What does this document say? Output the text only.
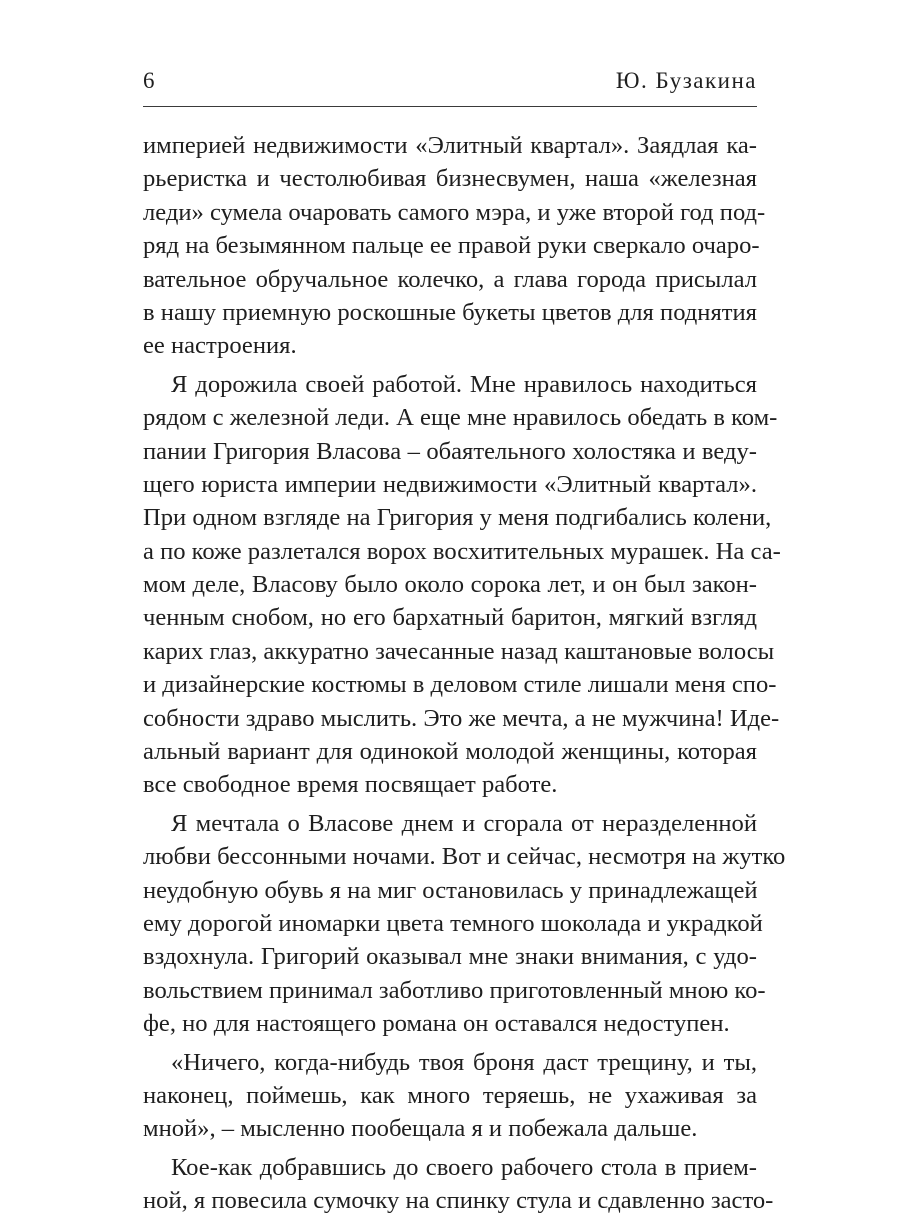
6	Ю. Бузакина
империей недвижимости «Элитный квартал». Заядлая ка-
рьеристка и честолюбивая бизнесвумен, наша «железная
леди» сумела очаровать самого мэра, и уже второй год под-
ряд на безымянном пальце ее правой руки сверкало очаро-
вательное обручальное колечко, а глава города присылал
в нашу приемную роскошные букеты цветов для поднятия
ее настроения.
Я дорожила своей работой. Мне нравилось находиться
рядом с железной леди. А еще мне нравилось обедать в ком-
пании Григория Власова – обаятельного холостяка и веду-
щего юриста империи недвижимости «Элитный квартал».
При одном взгляде на Григория у меня подгибались колени,
а по коже разлетался ворох восхитительных мурашек. На са-
мом деле, Власову было около сорока лет, и он был закон-
ченным снобом, но его бархатный баритон, мягкий взгляд
карих глаз, аккуратно зачесанные назад каштановые волосы
и дизайнерские костюмы в деловом стиле лишали меня спо-
собности здраво мыслить. Это же мечта, а не мужчина! Иде-
альный вариант для одинокой молодой женщины, которая
все свободное время посвящает работе.
Я мечтала о Власове днем и сгорала от неразделенной
любви бессонными ночами. Вот и сейчас, несмотря на жутко
неудобную обувь я на миг остановилась у принадлежащей
ему дорогой иномарки цвета темного шоколада и украдкой
вздохнула. Григорий оказывал мне знаки внимания, с удо-
вольствием принимал заботливо приготовленный мною ко-
фе, но для настоящего романа он оставался недоступен.
«Ничего, когда-нибудь твоя броня даст трещину, и ты,
наконец, поймешь, как много теряешь, не ухаживая за
мной», – мысленно пообещала я и побежала дальше.
Кое-как добравшись до своего рабочего стола в прием-
ной, я повесила сумочку на спинку стула и сдавленно засто-
